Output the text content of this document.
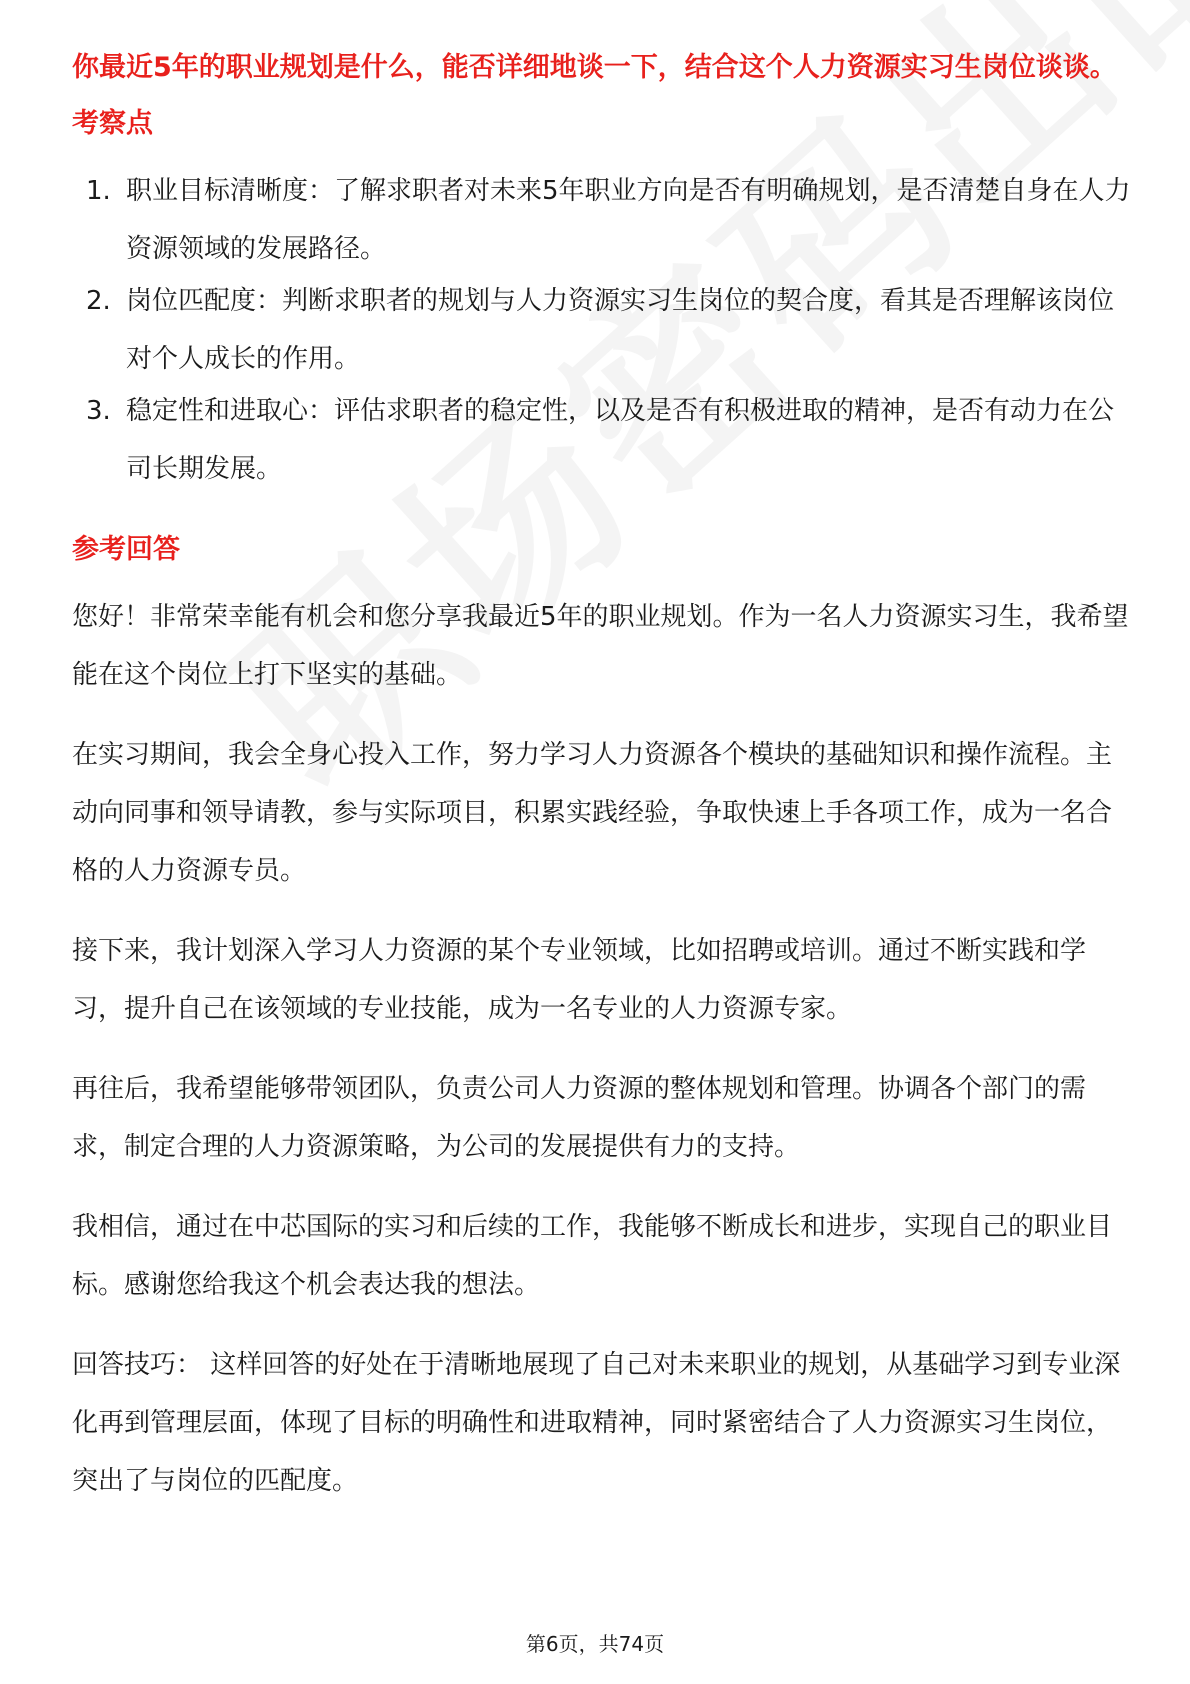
你最近5年的职业规划是什么，能否详细地谈一下，结合这个人力资源实习生岗位谈谈。

考察点

1. 职业目标清晰度：了解求职者对未来5年职业方向是否有明确规划，是否清楚自身在人力资源领域的发展路径。
2. 岗位匹配度：判断求职者的规划与人力资源实习生岗位的契合度，看其是否理解该岗位对个人成长的作用。
3. 稳定性和进取心：评估求职者的稳定性，以及是否有积极进取的精神，是否有动力在公司长期发展。

参考回答

您好！非常荣幸能有机会和您分享我最近5年的职业规划。作为一名人力资源实习生，我希望能在这个岗位上打下坚实的基础。

在实习期间，我会全身心投入工作，努力学习人力资源各个模块的基础知识和操作流程。主动向同事和领导请教，参与实际项目，积累实践经验，争取快速上手各项工作，成为一名合格的人力资源专员。

接下来，我计划深入学习人力资源的某个专业领域，比如招聘或培训。通过不断实践和学习，提升自己在该领域的专业技能，成为一名专业的人力资源专家。

再往后，我希望能够带领团队，负责公司人力资源的整体规划和管理。协调各个部门的需求，制定合理的人力资源策略，为公司的发展提供有力的支持。

我相信，通过在中芯国际的实习和后续的工作，我能够不断成长和进步，实现自己的职业目标。感谢您给我这个机会表达我的想法。

回答技巧： 这样回答的好处在于清晰地展现了自己对未来职业的规划，从基础学习到专业深化再到管理层面，体现了目标的明确性和进取精神，同时紧密结合了人力资源实习生岗位，突出了与岗位的匹配度。

第6页，共74页
